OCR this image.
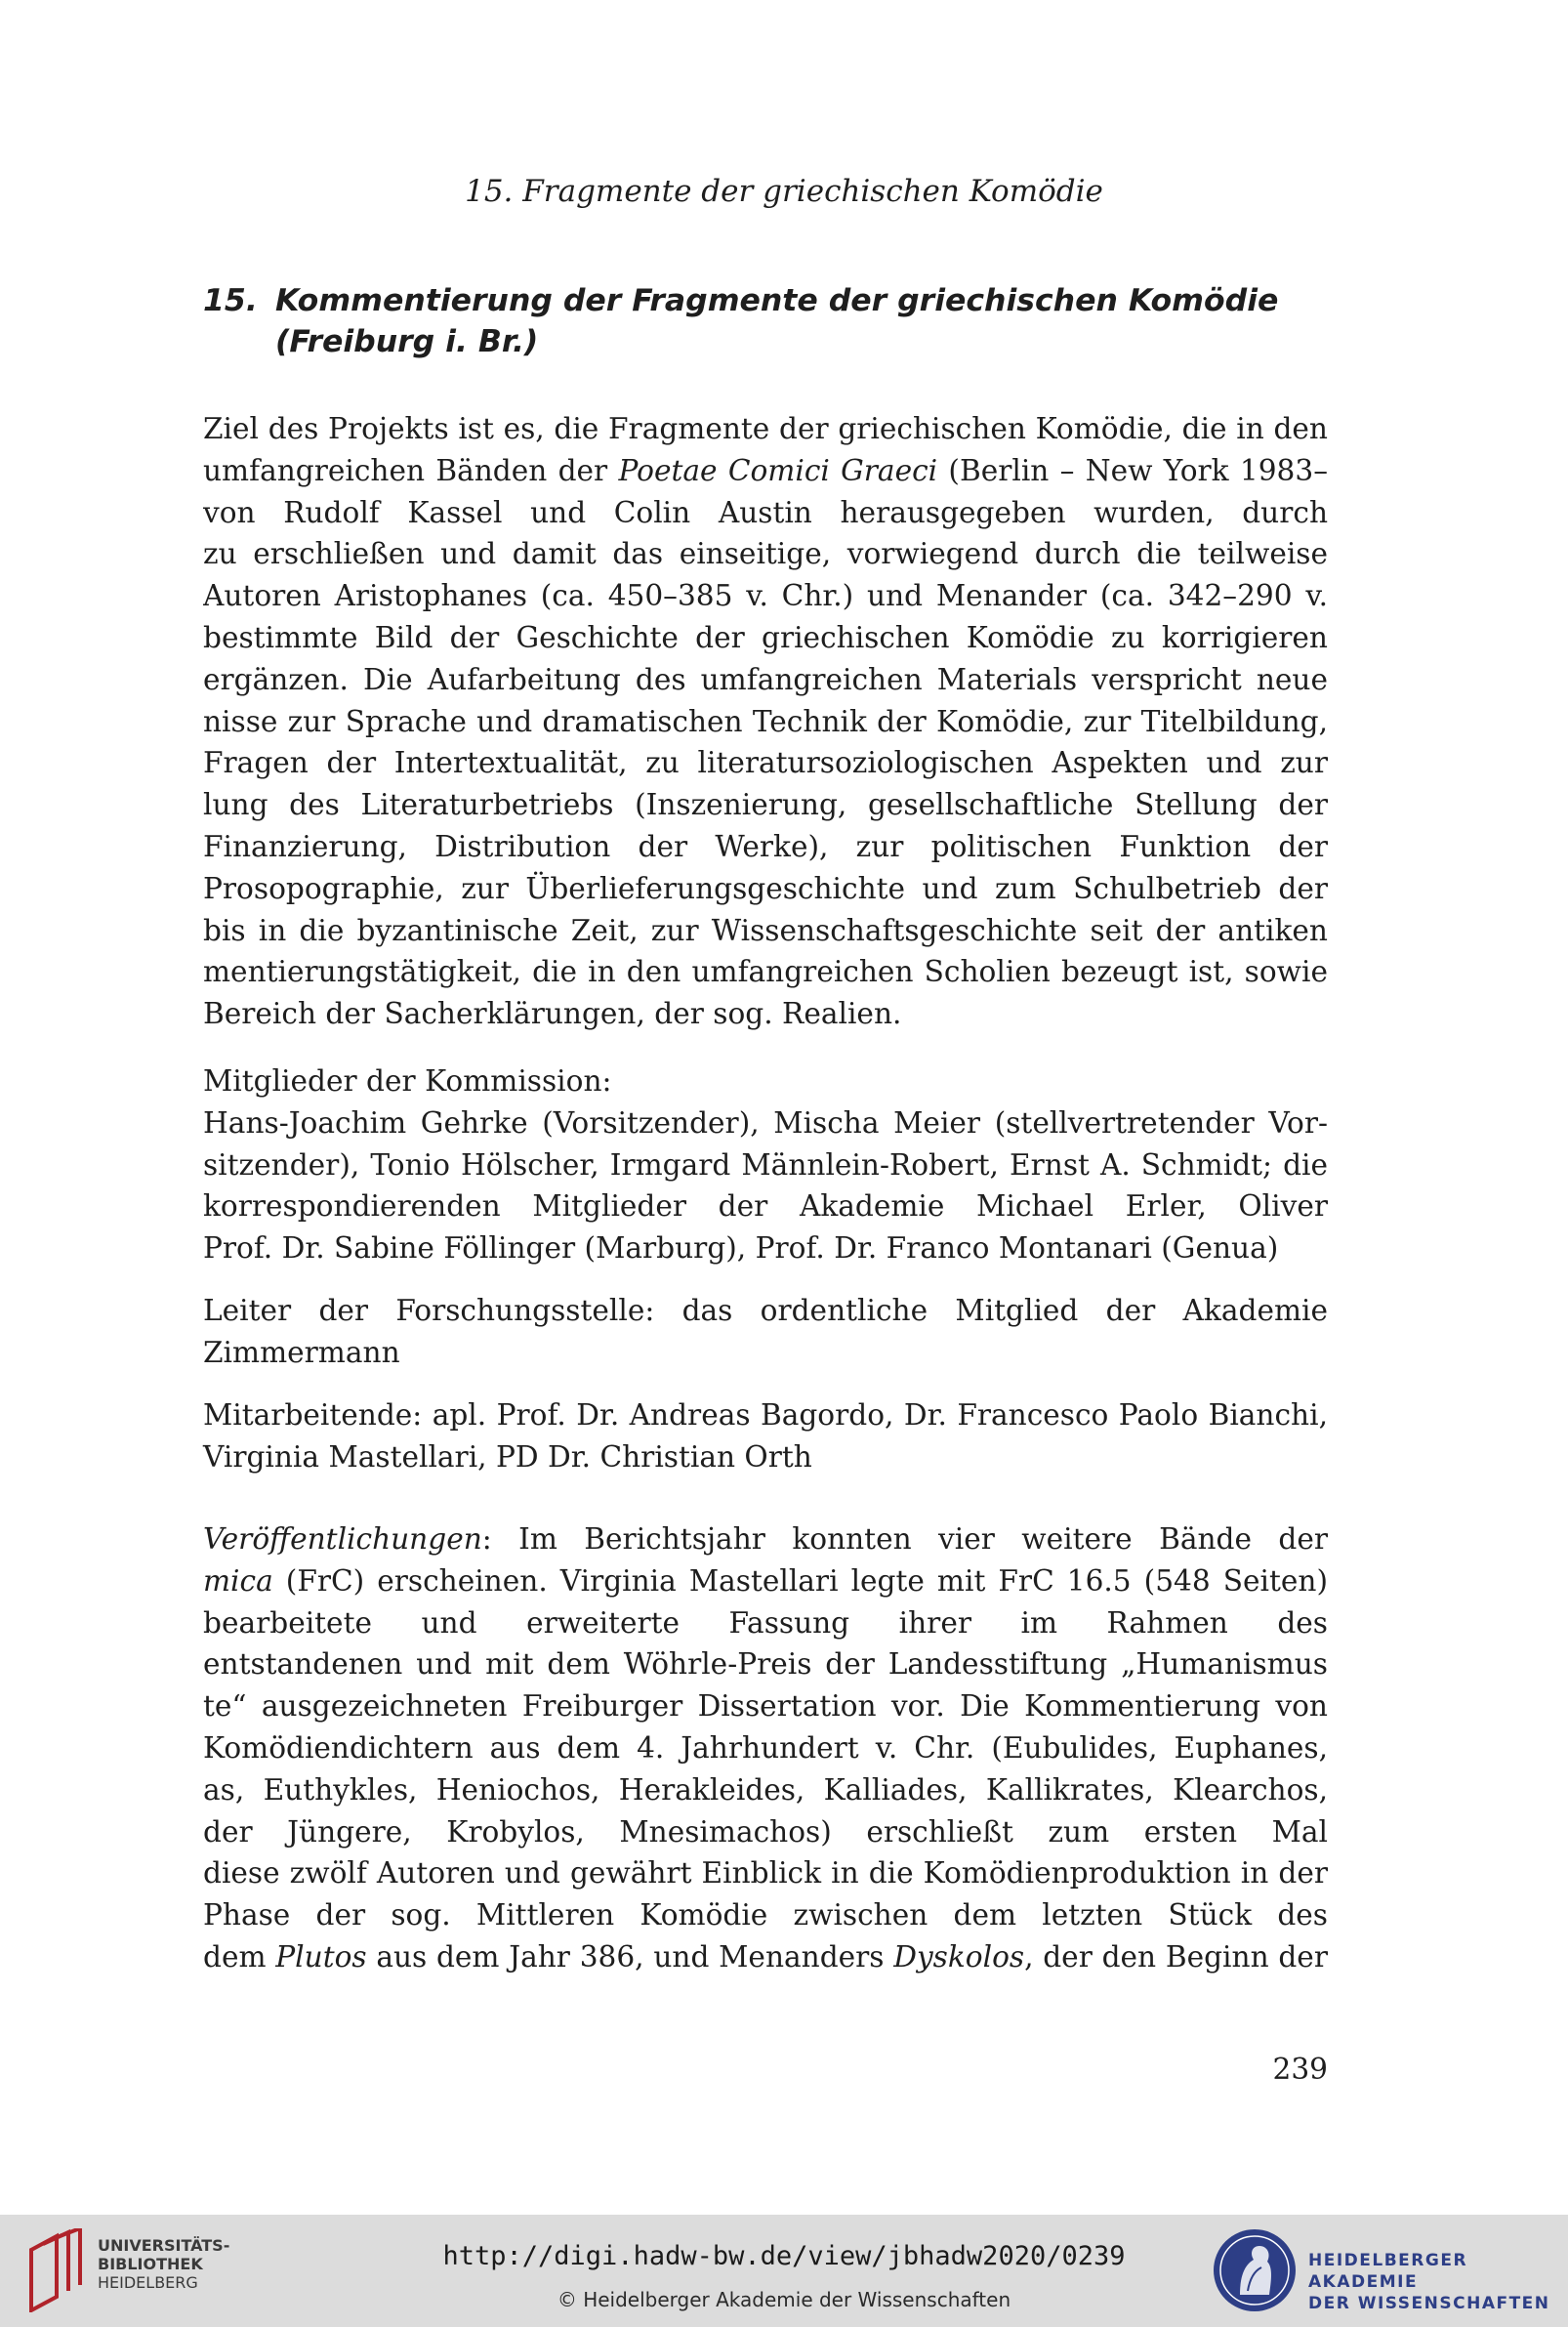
15. Fragmente der griechischen Komödie
15. Kommentierung der Fragmente der griechischen Komödie
(Freiburg i. Br.)
Ziel des Projekts ist es, die Fragmente der griechischen Komödie, die in den
umfangreichen Bänden der Poetae Comici Graeci (Berlin – New York 1983–
von Rudolf Kassel und Colin Austin herausgegeben wurden, durch
zu erschließen und damit das einseitige, vorwiegend durch die teilweise
Autoren Aristophanes (ca. 450–385 v. Chr.) und Menander (ca. 342–290 v.
bestimmte Bild der Geschichte der griechischen Komödie zu korrigieren
ergänzen. Die Aufarbeitung des umfangreichen Materials verspricht neue
nisse zur Sprache und dramatischen Technik der Komödie, zur Titelbildung,
Fragen der Intertextualität, zu literatursoziologischen Aspekten und zur
lung des Literaturbetriebs (Inszenierung, gesellschaftliche Stellung der
Finanzierung, Distribution der Werke), zur politischen Funktion der
Prosopographie, zur Überlieferungsgeschichte und zum Schulbetrieb der
bis in die byzantinische Zeit, zur Wissenschaftsgeschichte seit der antiken
mentierungstätigkeit, die in den umfangreichen Scholien bezeugt ist, sowie
Bereich der Sacherklärungen, der sog. Realien.
Mitglieder der Kommission:
Hans-Joachim Gehrke (Vorsitzender), Mischa Meier (stellvertretender Vor-
sitzender), Tonio Hölscher, Irmgard Männlein-Robert, Ernst A. Schmidt; die
korrespondierenden Mitglieder der Akademie Michael Erler, Oliver
Prof. Dr. Sabine Föllinger (Marburg), Prof. Dr. Franco Montanari (Genua)
Leiter der Forschungsstelle: das ordentliche Mitglied der Akademie
Zimmermann
Mitarbeitende: apl. Prof. Dr. Andreas Bagordo, Dr. Francesco Paolo Bianchi,
Virginia Mastellari, PD Dr. Christian Orth
Veröffentlichungen: Im Berichtsjahr konnten vier weitere Bände der
mica (FrC) erscheinen. Virginia Mastellari legte mit FrC 16.5 (548 Seiten)
bearbeitete und erweiterte Fassung ihrer im Rahmen des
entstandenen und mit dem Wöhrle-Preis der Landesstiftung „Humanismus
te“ ausgezeichneten Freiburger Dissertation vor. Die Kommentierung von
Komödiendichtern aus dem 4. Jahrhundert v. Chr. (Eubulides, Euphanes,
as, Euthykles, Heniochos, Herakleides, Kalliades, Kallikrates, Klearchos,
der Jüngere, Krobylos, Mnesimachos) erschließt zum ersten Mal
diese zwölf Autoren und gewährt Einblick in die Komödienproduktion in der
Phase der sog. Mittleren Komödie zwischen dem letzten Stück des
dem Plutos aus dem Jahr 386, und Menanders Dyskolos, der den Beginn der
239
UNIVERSITÄTS-
BIBLIOTHEK
HEIDELBERG
http://digi.hadw-bw.de/view/jbhadw2020/0239
© Heidelberger Akademie der Wissenschaften
HEIDELBERGER AKADEMIE
DER WISSENSCHAFTEN
